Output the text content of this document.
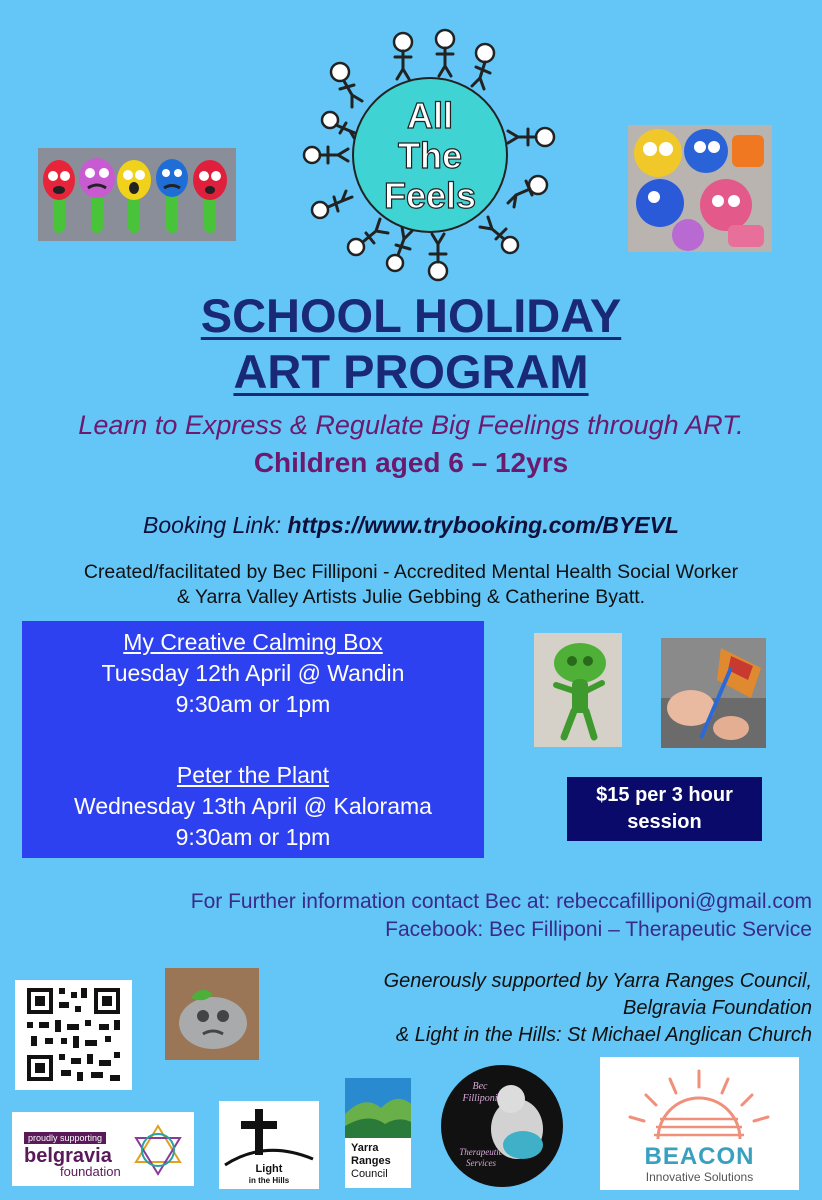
All
The
Feels
SCHOOL HOLIDAY
ART PROGRAM
Learn to Express & Regulate Big Feelings through ART.
Children aged 6 – 12yrs
Booking Link: https://www.trybooking.com/BYEVL
Created/facilitated by Bec Filliponi - Accredited Mental Health Social Worker
& Yarra Valley Artists Julie Gebbing & Catherine Byatt.
My Creative Calming Box
Tuesday 12th April @ Wandin
9:30am or 1pm
Peter the Plant
Wednesday 13th April @ Kalorama
9:30am or 1pm
$15 per 3 hour
session
For Further information contact Bec at: rebeccafilliponi@gmail.com
Facebook: Bec Filliponi – Therapeutic Service
Generously supported by Yarra Ranges Council,
Belgravia Foundation
& Light in the Hills: St Michael Anglican Church
proudly supporting
belgravia
foundation	Light
in the Hills
Yarra
Ranges
Council
Bec
Filliponi
Therapeutic
Services	BEACON
Innovative Solutions
